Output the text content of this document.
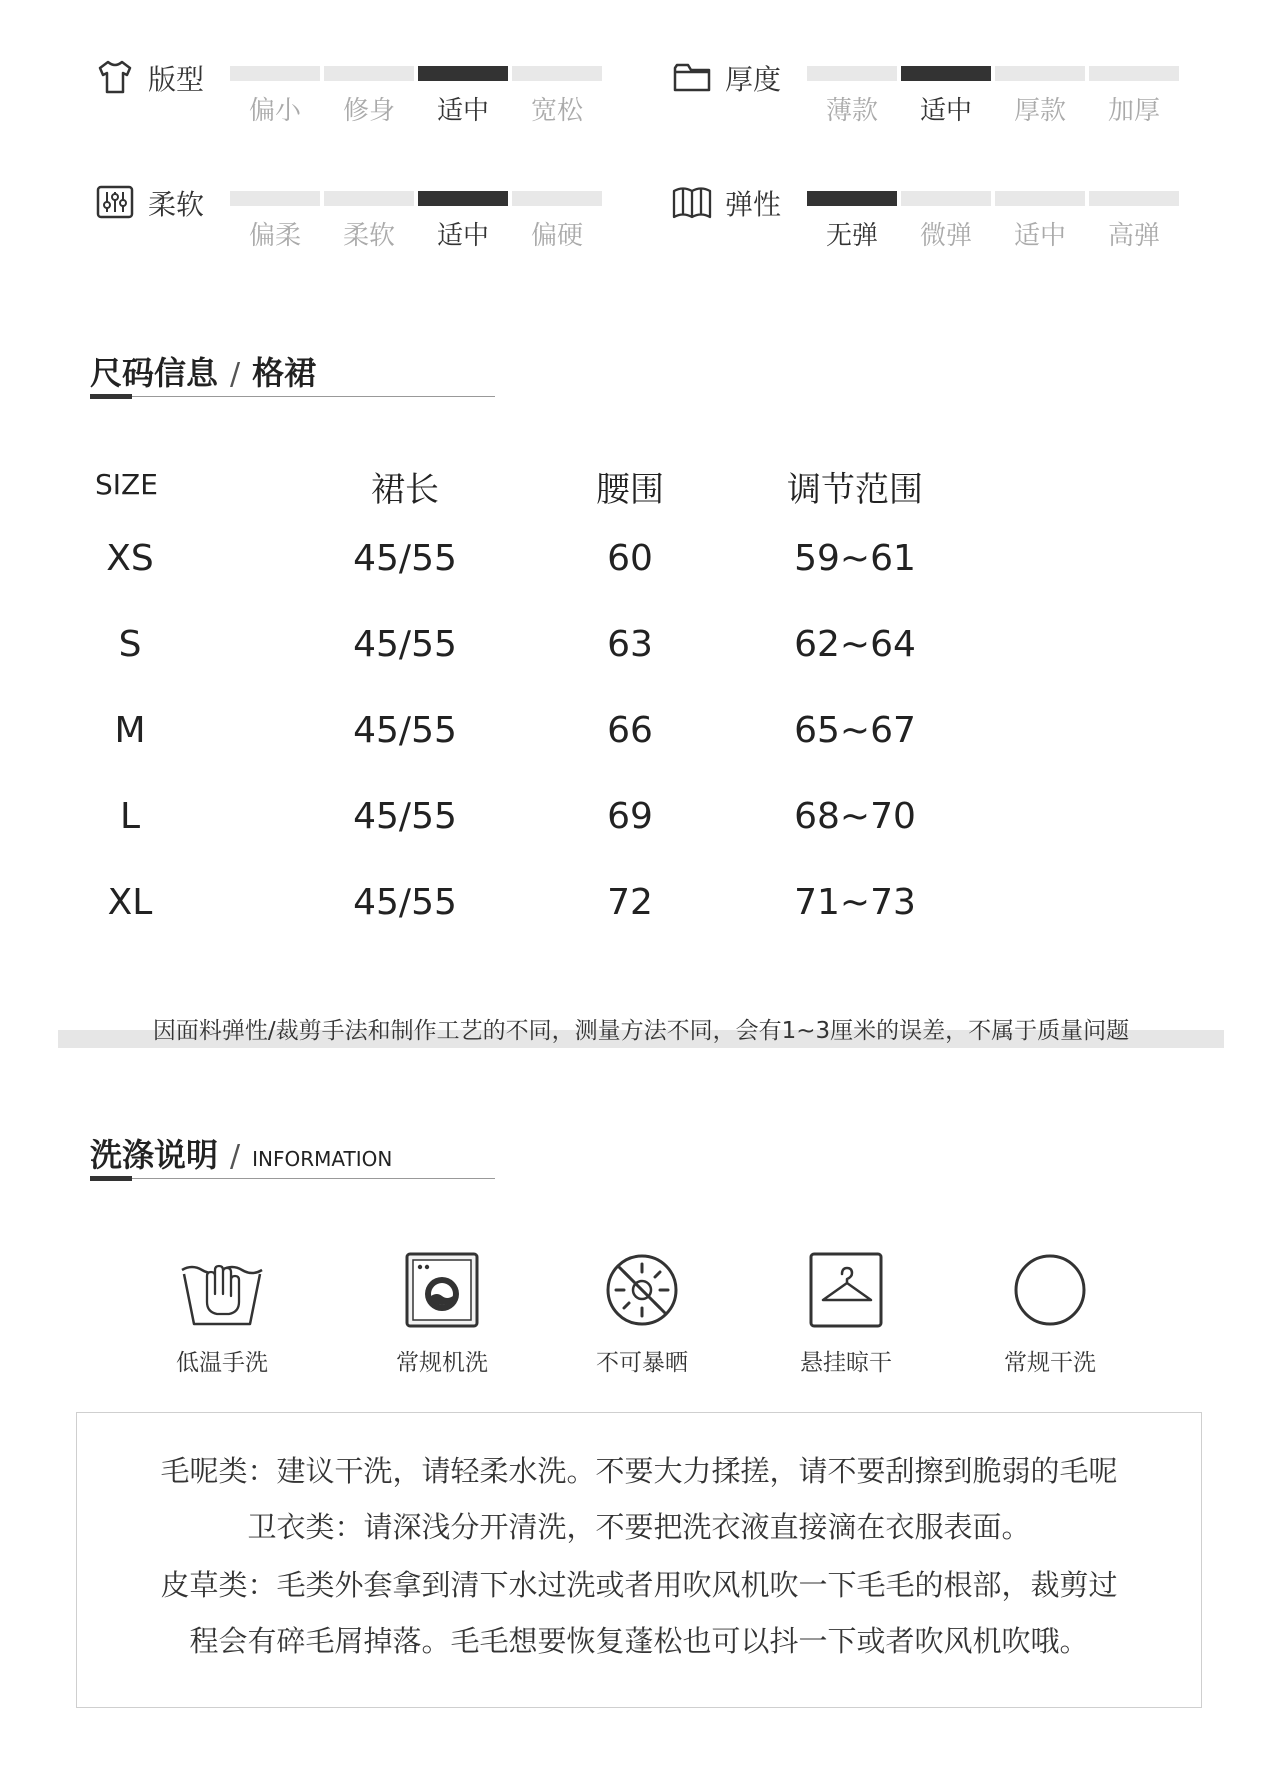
版型
偏小	修身	适中	宽松
厚度
薄款	适中	厚款	加厚
柔软
偏柔	柔软	适中	偏硬
弹性
无弹	微弹	适中	高弹
尺码信息 / 格裙
SIZE	裙长	腰围	调节范围
XS	45/55	60	59~61
S	45/55	63	62~64
M	45/55	66	65~67
L	45/55	69	68~70
XL	45/55	72	71~73
因面料弹性/裁剪手法和制作工艺的不同，测量方法不同，会有1~3厘米的误差，不属于质量问题
洗涤说明 / INFORMATION
低温手洗	常规机洗	不可暴晒	悬挂晾干	常规干洗
毛呢类：建议干洗，请轻柔水洗。不要大力揉搓，请不要刮擦到脆弱的毛呢
卫衣类：请深浅分开清洗，不要把洗衣液直接滴在衣服表面。
皮草类：毛类外套拿到清下水过洗或者用吹风机吹一下毛毛的根部，裁剪过
程会有碎毛屑掉落。毛毛想要恢复蓬松也可以抖一下或者吹风机吹哦。
